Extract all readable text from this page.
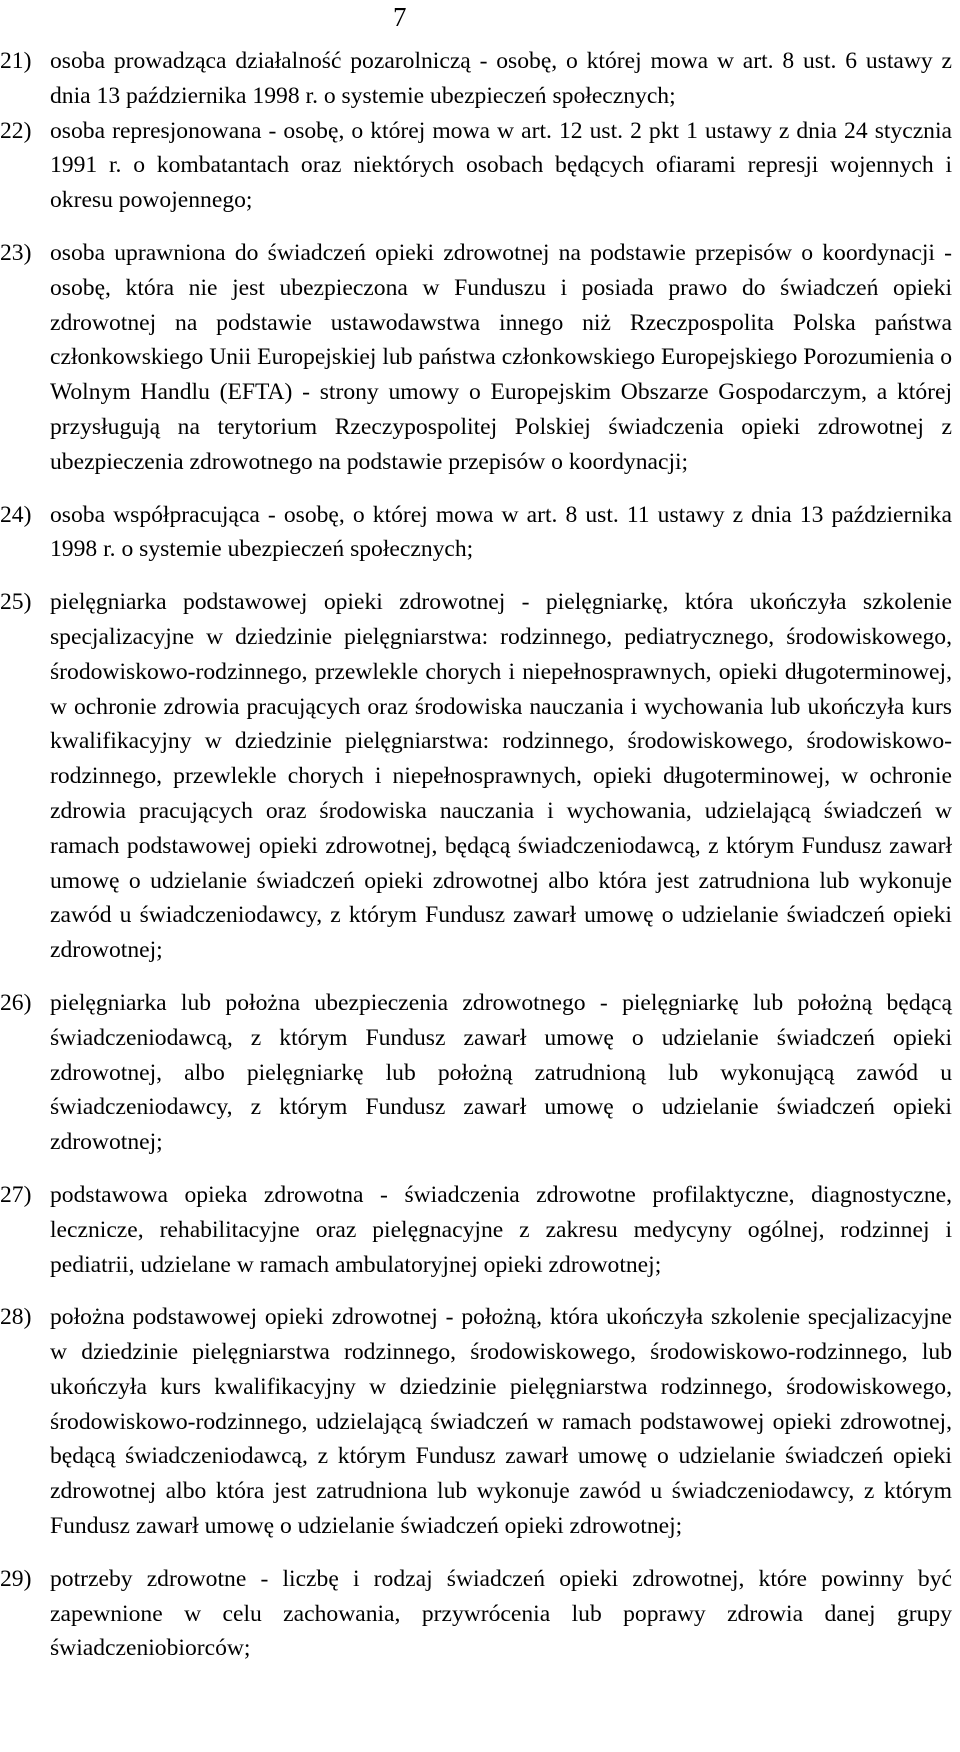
7

21) osoba prowadząca działalność pozarolniczą - osobę, o której mowa w art. 8 ust. 6 ustawy z dnia 13 października 1998 r. o systemie ubezpieczeń społecznych;

22) osoba represjonowana - osobę, o której mowa w art. 12 ust. 2 pkt 1 ustawy z dnia 24 stycznia 1991 r. o kombatantach oraz niektórych osobach będących ofiarami represji wojennych i okresu powojennego;

23) osoba uprawniona do świadczeń opieki zdrowotnej na podstawie przepisów o koordynacji - osobę, która nie jest ubezpieczona w Funduszu i posiada prawo do świadczeń opieki zdrowotnej na podstawie ustawodawstwa innego niż Rzeczpospolita Polska państwa członkowskiego Unii Europejskiej lub państwa członkowskiego Europejskiego Porozumienia o Wolnym Handlu (EFTA) - strony umowy o Europejskim Obszarze Gospodarczym, a której przysługują na terytorium Rzeczypospolitej Polskiej świadczenia opieki zdrowotnej z ubezpieczenia zdrowotnego na podstawie przepisów o koordynacji;

24) osoba współpracująca - osobę, o której mowa w art. 8 ust. 11 ustawy z dnia 13 października 1998 r. o systemie ubezpieczeń społecznych;

25) pielęgniarka podstawowej opieki zdrowotnej - pielęgniarkę, która ukończyła szkolenie specjalizacyjne w dziedzinie pielęgniarstwa: rodzinnego, pediatrycznego, środowiskowego, środowiskowo-rodzinnego, przewlekle chorych i niepełnosprawnych, opieki długoterminowej, w ochronie zdrowia pracujących oraz środowiska nauczania i wychowania lub ukończyła kurs kwalifikacyjny w dziedzinie pielęgniarstwa: rodzinnego, środowiskowego, środowiskowo-rodzinnego, przewlekle chorych i niepełnosprawnych, opieki długoterminowej, w ochronie zdrowia pracujących oraz środowiska nauczania i wychowania, udzielającą świadczeń w ramach podstawowej opieki zdrowotnej, będącą świadczeniodawcą, z którym Fundusz zawarł umowę o udzielanie świadczeń opieki zdrowotnej albo która jest zatrudniona lub wykonuje zawód u świadczeniodawcy, z którym Fundusz zawarł umowę o udzielanie świadczeń opieki zdrowotnej;

26) pielęgniarka lub położna ubezpieczenia zdrowotnego - pielęgniarkę lub położną będącą świadczeniodawcą, z którym Fundusz zawarł umowę o udzielanie świadczeń opieki zdrowotnej, albo pielęgniarkę lub położną zatrudnioną lub wykonującą zawód u świadczeniodawcy, z którym Fundusz zawarł umowę o udzielanie świadczeń opieki zdrowotnej;

27) podstawowa opieka zdrowotna - świadczenia zdrowotne profilaktyczne, diagnostyczne, lecznicze, rehabilitacyjne oraz pielęgnacyjne z zakresu medycyny ogólnej, rodzinnej i pediatrii, udzielane w ramach ambulatoryjnej opieki zdrowotnej;

28) położna podstawowej opieki zdrowotnej - położną, która ukończyła szkolenie specjalizacyjne w dziedzinie pielęgniarstwa rodzinnego, środowiskowego, środowiskowo-rodzinnego, lub ukończyła kurs kwalifikacyjny w dziedzinie pielęgniarstwa rodzinnego, środowiskowego, środowiskowo-rodzinnego, udzielającą świadczeń w ramach podstawowej opieki zdrowotnej, będącą świadczeniodawcą, z którym Fundusz zawarł umowę o udzielanie świadczeń opieki zdrowotnej albo która jest zatrudniona lub wykonuje zawód u świadczeniodawcy, z którym Fundusz zawarł umowę o udzielanie świadczeń opieki zdrowotnej;

29) potrzeby zdrowotne - liczbę i rodzaj świadczeń opieki zdrowotnej, które powinny być zapewnione w celu zachowania, przywrócenia lub poprawy zdrowia danej grupy świadczeniobiorców;
